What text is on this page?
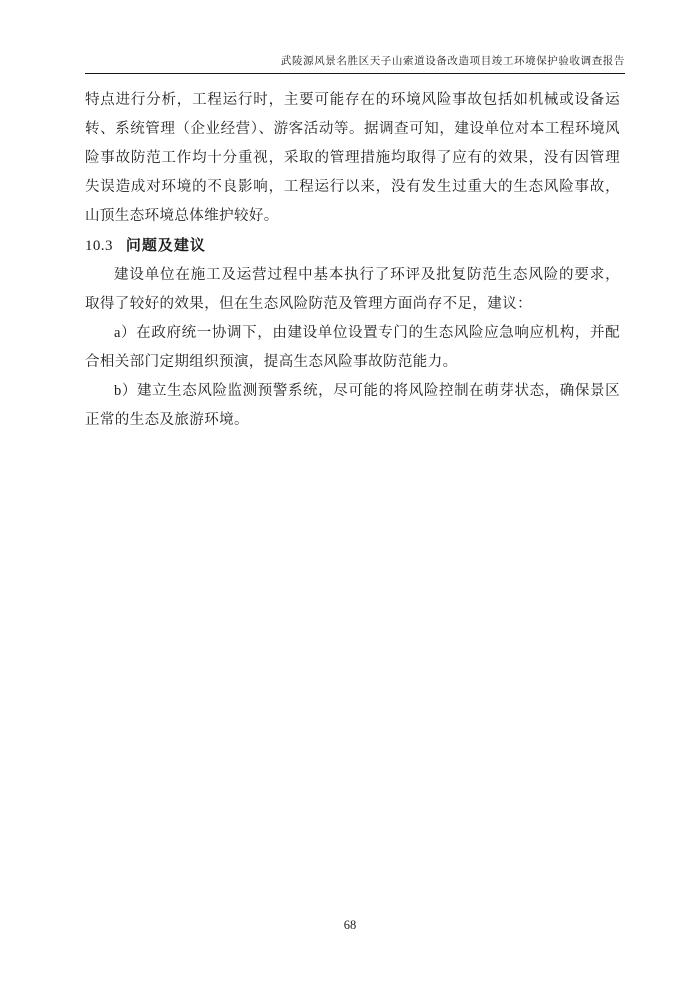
武陵源风景名胜区天子山索道设备改造项目竣工环境保护验收调查报告

特点进行分析，工程运行时，主要可能存在的环境风险事故包括如机械或设备运转、系统管理（企业经营）、游客活动等。据调查可知，建设单位对本工程环境风险事故防范工作均十分重视，采取的管理措施均取得了应有的效果，没有因管理失误造成对环境的不良影响，工程运行以来，没有发生过重大的生态风险事故，山顶生态环境总体维护较好。

10.3 问题及建议

建设单位在施工及运营过程中基本执行了环评及批复防范生态风险的要求，取得了较好的效果，但在生态风险防范及管理方面尚存不足，建议：

a）在政府统一协调下，由建设单位设置专门的生态风险应急响应机构，并配合相关部门定期组织预演，提高生态风险事故防范能力。

b）建立生态风险监测预警系统，尽可能的将风险控制在萌芽状态，确保景区正常的生态及旅游环境。

68
